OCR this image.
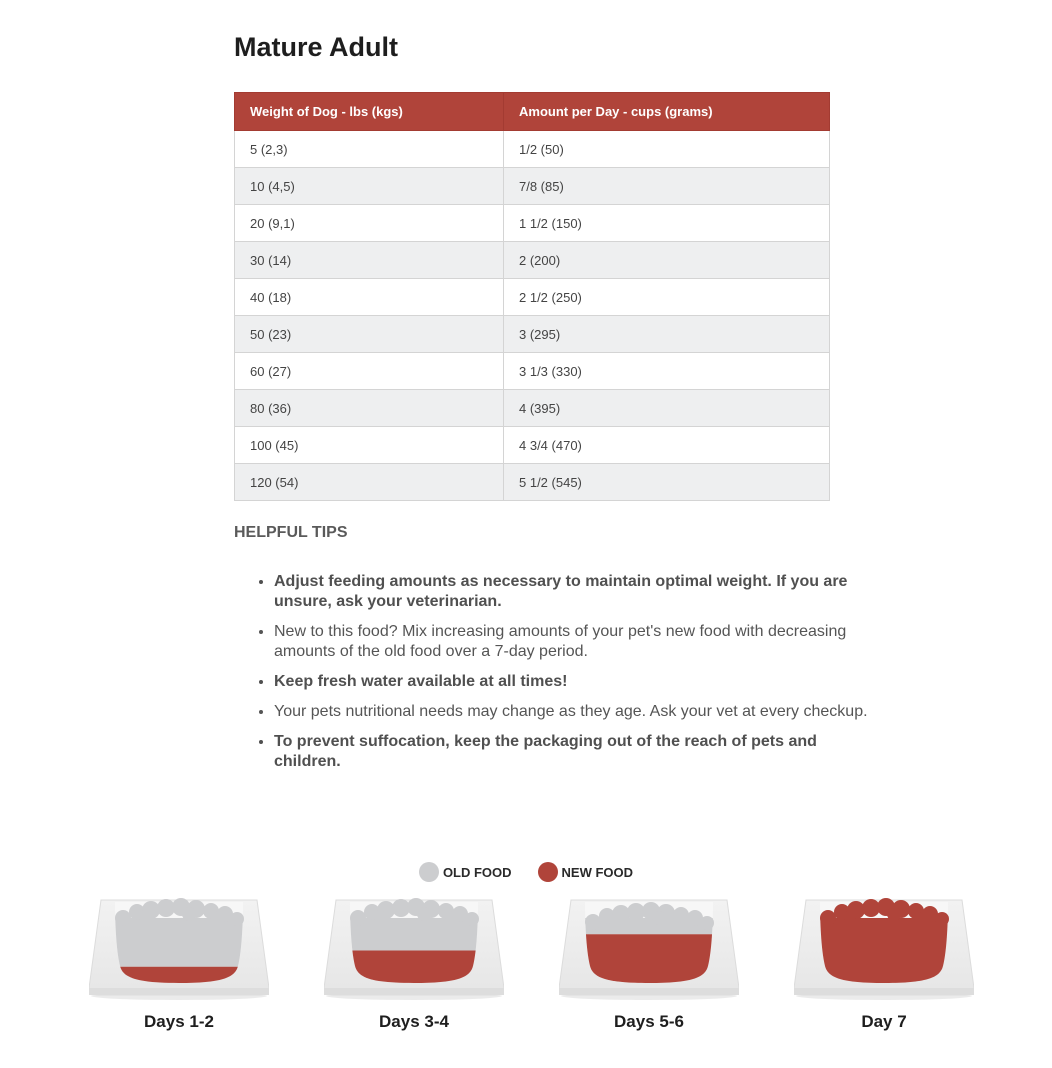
Mature Adult
Weight of Dog - lbs (kgs)	Amount per Day - cups (grams)
5 (2,3)	1/2 (50)
10 (4,5)	7/8 (85)
20 (9,1)	1 1/2 (150)
30 (14)	2 (200)
40 (18)	2 1/2 (250)
50 (23)	3 (295)
60 (27)	3 1/3 (330)
80 (36)	4 (395)
100 (45)	4 3/4 (470)
120 (54)	5 1/2 (545)
HELPFUL TIPS
• Adjust feeding amounts as necessary to maintain optimal weight. If you are unsure, ask your veterinarian.
• New to this food? Mix increasing amounts of your pet's new food with decreasing amounts of the old food over a 7-day period.
• Keep fresh water available at all times!
• Your pets nutritional needs may change as they age. Ask your vet at every checkup.
• To prevent suffocation, keep the packaging out of the reach of pets and children.
OLD FOOD	NEW FOOD
Days 1-2	Days 3-4	Days 5-6	Day 7
